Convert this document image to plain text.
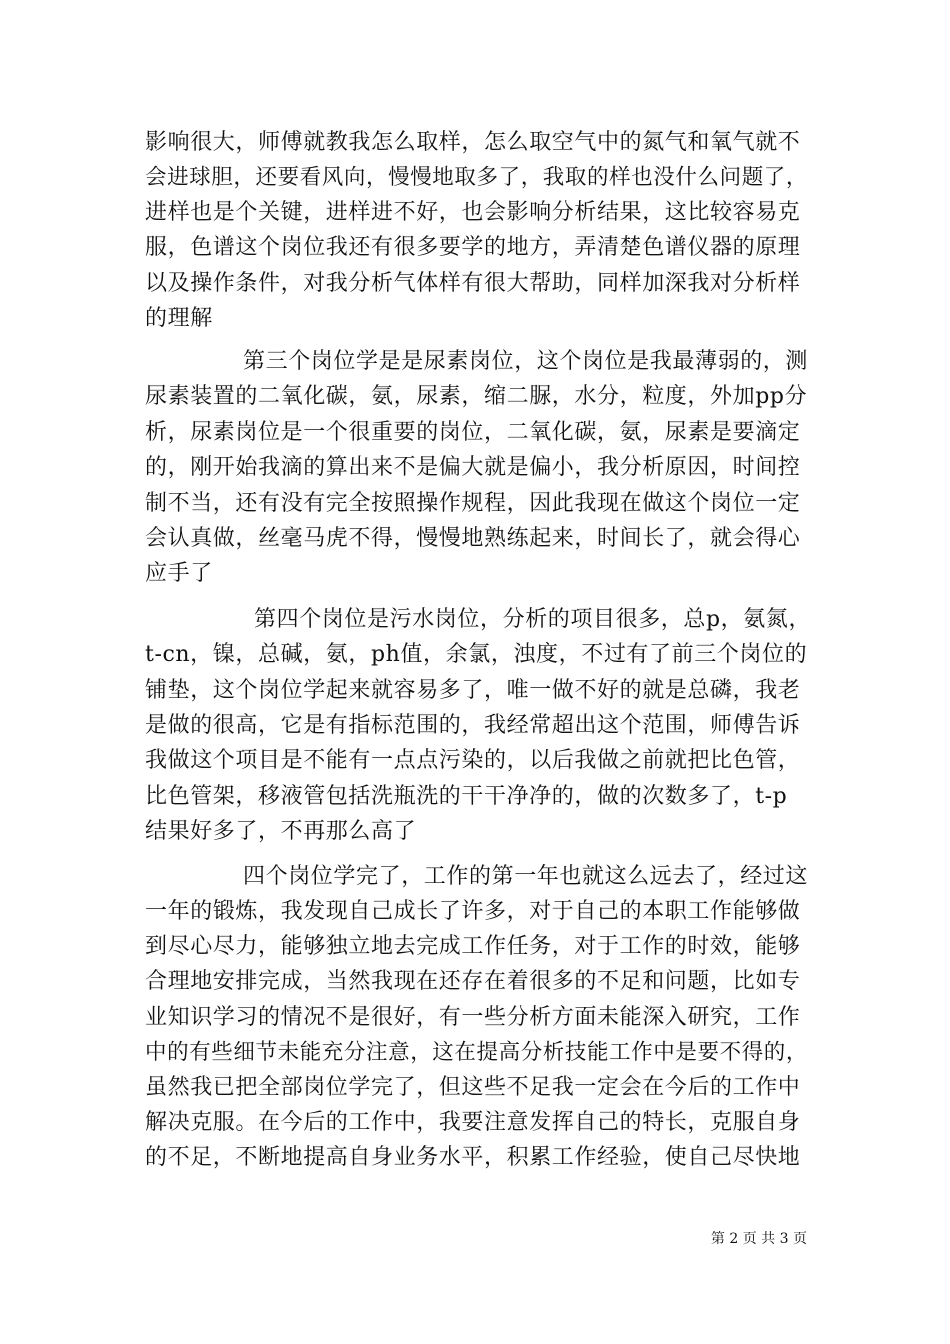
影响很大，师傅就教我怎么取样，怎么取空气中的氮气和氧气就不
会进球胆，还要看风向，慢慢地取多了，我取的样也没什么问题了，
进样也是个关键，进样进不好，也会影响分析结果，这比较容易克
服，色谱这个岗位我还有很多要学的地方，弄清楚色谱仪器的原理
以及操作条件，对我分析气体样有很大帮助，同样加深我对分析样
的理解
第三个岗位学是是尿素岗位，这个岗位是我最薄弱的，测
尿素装置的二氧化碳，氨，尿素，缩二脲，水分，粒度，外加pp分
析，尿素岗位是一个很重要的岗位，二氧化碳，氨，尿素是要滴定
的，刚开始我滴的算出来不是偏大就是偏小，我分析原因，时间控
制不当，还有没有完全按照操作规程，因此我现在做这个岗位一定
会认真做，丝毫马虎不得，慢慢地熟练起来，时间长了，就会得心
应手了
第四个岗位是污水岗位，分析的项目很多，总p，氨氮，
t-cn，镍，总碱，氨，ph值，余氯，浊度，不过有了前三个岗位的
铺垫，这个岗位学起来就容易多了，唯一做不好的就是总磷，我老
是做的很高，它是有指标范围的，我经常超出这个范围，师傅告诉
我做这个项目是不能有一点点污染的，以后我做之前就把比色管，
比色管架，移液管包括洗瓶洗的干干净净的，做的次数多了，t-p
结果好多了，不再那么高了
四个岗位学完了，工作的第一年也就这么远去了，经过这
一年的锻炼，我发现自己成长了许多，对于自己的本职工作能够做
到尽心尽力，能够独立地去完成工作任务，对于工作的时效，能够
合理地安排完成，当然我现在还存在着很多的不足和问题，比如专
业知识学习的情况不是很好，有一些分析方面未能深入研究，工作
中的有些细节未能充分注意，这在提高分析技能工作中是要不得的，
虽然我已把全部岗位学完了，但这些不足我一定会在今后的工作中
解决克服。在今后的工作中，我要注意发挥自己的特长，克服自身
的不足，不断地提高自身业务水平，积累工作经验，使自己尽快地
第 2 页 共 3 页
